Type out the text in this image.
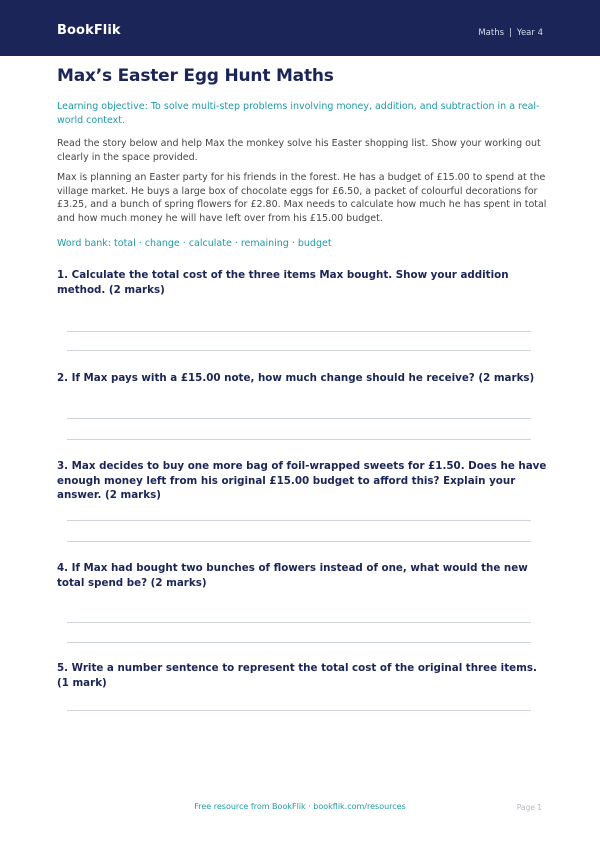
BookFlik	Maths | Year 4
Max’s Easter Egg Hunt Maths

Learning objective: To solve multi-step problems involving money, addition, and subtraction in a real-world context.

Read the story below and help Max the monkey solve his Easter shopping list. Show your working out clearly in the space provided.

Max is planning an Easter party for his friends in the forest. He has a budget of £15.00 to spend at the village market. He buys a large box of chocolate eggs for £6.50, a packet of colourful decorations for £3.25, and a bunch of spring flowers for £2.80. Max needs to calculate how much he has spent in total and how much money he will have left over from his £15.00 budget.

Word bank: total · change · calculate · remaining · budget

1. Calculate the total cost of the three items Max bought. Show your addition method. (2 marks)

2. If Max pays with a £15.00 note, how much change should he receive? (2 marks)

3. Max decides to buy one more bag of foil-wrapped sweets for £1.50. Does he have enough money left from his original £15.00 budget to afford this? Explain your answer. (2 marks)

4. If Max had bought two bunches of flowers instead of one, what would the new total spend be? (2 marks)

5. Write a number sentence to represent the total cost of the original three items. (1 mark)

Free resource from BookFlik · bookflik.com/resources	Page 1
